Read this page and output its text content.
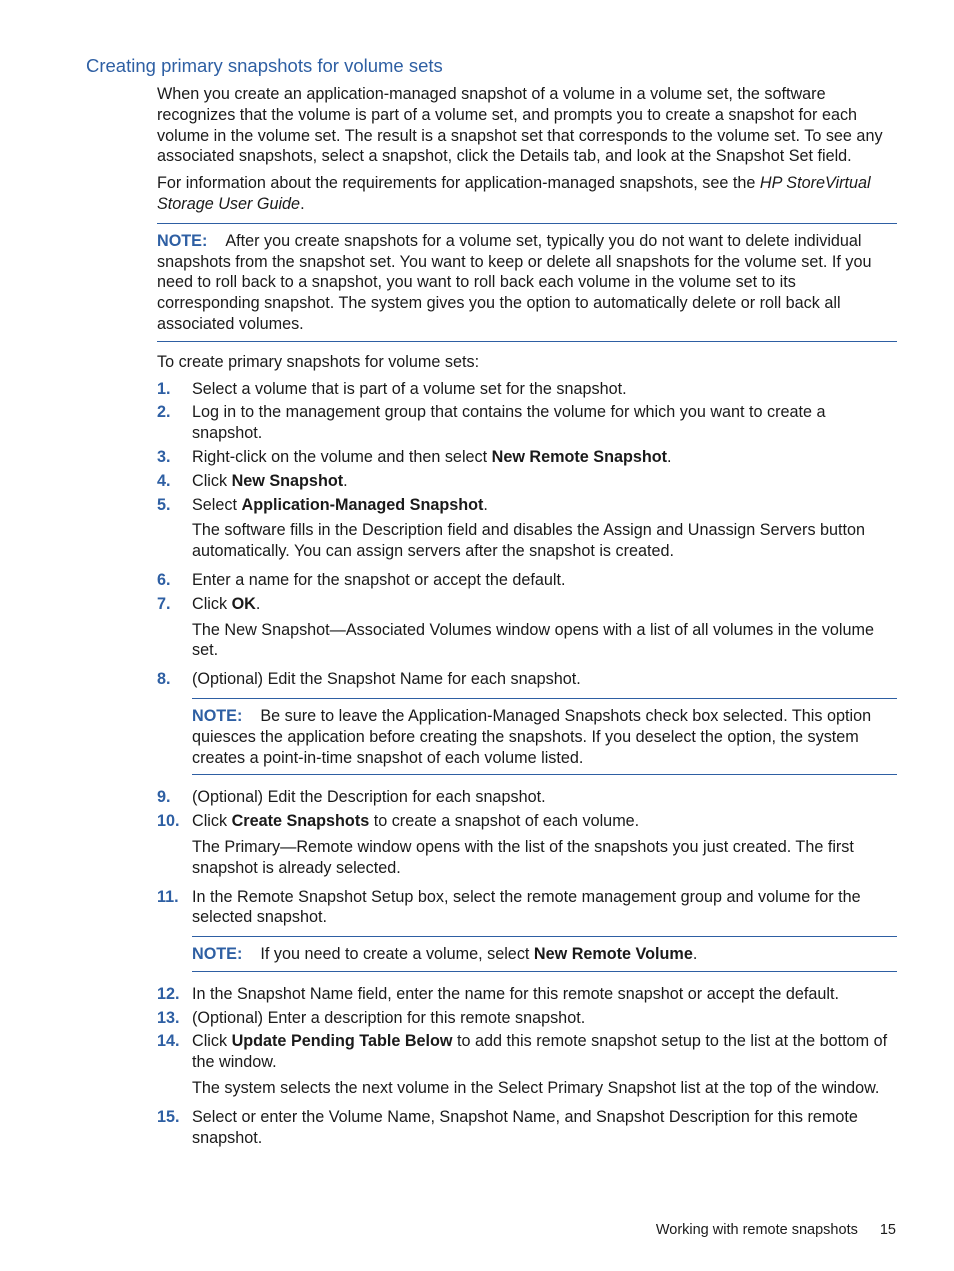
Creating primary snapshots for volume sets

When you create an application-managed snapshot of a volume in a volume set, the software recognizes that the volume is part of a volume set, and prompts you to create a snapshot for each volume in the volume set. The result is a snapshot set that corresponds to the volume set. To see any associated snapshots, select a snapshot, click the Details tab, and look at the Snapshot Set field.

For information about the requirements for application-managed snapshots, see the HP StoreVirtual Storage User Guide.

NOTE: After you create snapshots for a volume set, typically you do not want to delete individual snapshots from the snapshot set. You want to keep or delete all snapshots for the volume set. If you need to roll back to a snapshot, you want to roll back each volume in the volume set to its corresponding snapshot. The system gives you the option to automatically delete or roll back all associated volumes.

To create primary snapshots for volume sets:

1. Select a volume that is part of a volume set for the snapshot.
2. Log in to the management group that contains the volume for which you want to create a snapshot.
3. Right-click on the volume and then select New Remote Snapshot.
4. Click New Snapshot.
5. Select Application-Managed Snapshot.

The software fills in the Description field and disables the Assign and Unassign Servers button automatically. You can assign servers after the snapshot is created.

6. Enter a name for the snapshot or accept the default.
7. Click OK.

The New Snapshot—Associated Volumes window opens with a list of all volumes in the volume set.

8. (Optional) Edit the Snapshot Name for each snapshot.
NOTE: Be sure to leave the Application-Managed Snapshots check box selected. This option quiesces the application before creating the snapshots. If you deselect the option, the system creates a point-in-time snapshot of each volume listed.
9. (Optional) Edit the Description for each snapshot.
10. Click Create Snapshots to create a snapshot of each volume.

The Primary—Remote window opens with the list of the snapshots you just created. The first snapshot is already selected.

11. In the Remote Snapshot Setup box, select the remote management group and volume for the selected snapshot.
NOTE: If you need to create a volume, select New Remote Volume.
12. In the Snapshot Name field, enter the name for this remote snapshot or accept the default.
13. (Optional) Enter a description for this remote snapshot.
14. Click Update Pending Table Below to add this remote snapshot setup to the list at the bottom of the window.

The system selects the next volume in the Select Primary Snapshot list at the top of the window.

15. Select or enter the Volume Name, Snapshot Name, and Snapshot Description for this remote snapshot.
Working with remote snapshots 15
